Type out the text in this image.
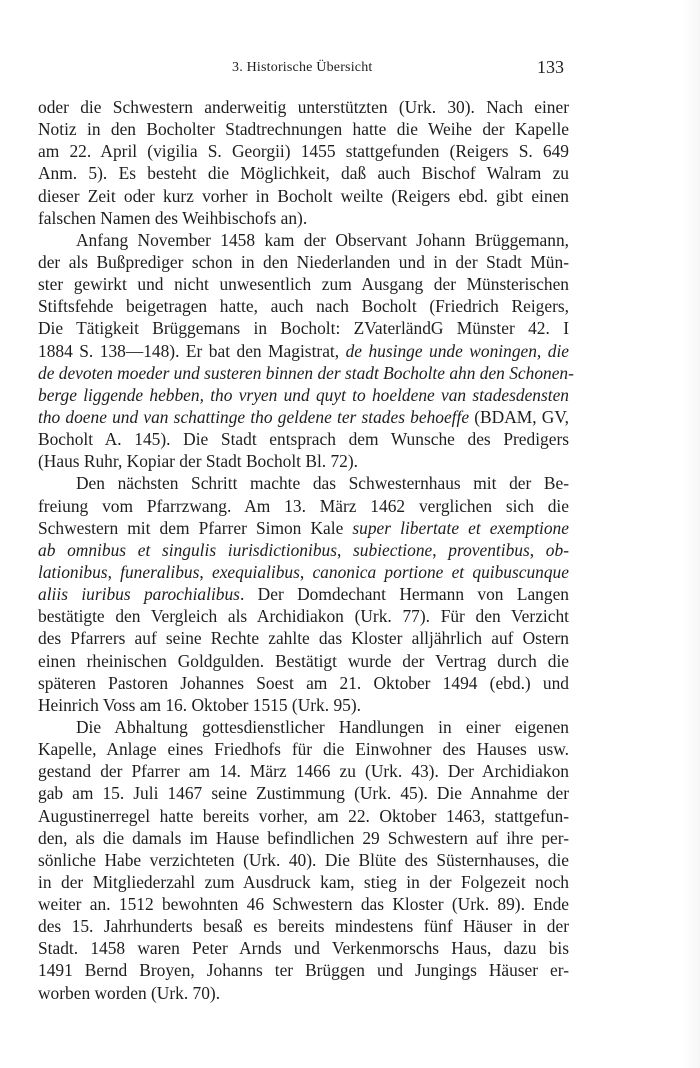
3. Historische Übersicht	133
oder die Schwestern anderweitig unterstützten (Urk. 30). Nach einer
Notiz in den Bocholter Stadtrechnungen hatte die Weihe der Kapelle
am 22. April (vigilia S. Georgii) 1455 stattgefunden (Reigers S. 649
Anm. 5). Es besteht die Möglichkeit, daß auch Bischof Walram zu
dieser Zeit oder kurz vorher in Bocholt weilte (Reigers ebd. gibt einen
falschen Namen des Weihbischofs an).
Anfang November 1458 kam der Observant Johann Brüggemann,
der als Bußprediger schon in den Niederlanden und in der Stadt Mün-
ster gewirkt und nicht unwesentlich zum Ausgang der Münsterischen
Stiftsfehde beigetragen hatte, auch nach Bocholt (Friedrich Reigers,
Die Tätigkeit Brüggemans in Bocholt: ZVaterländG Münster 42. I
1884 S. 138—148). Er bat den Magistrat, de husinge unde woningen, die
de devoten moeder und susteren binnen der stadt Bocholte ahn den Schonen-
berge liggende hebben, tho vryen und quyt to hoeldene van stadesdensten
tho doene und van schattinge tho geldene ter stades behoeffe (BDAM, GV,
Bocholt A. 145). Die Stadt entsprach dem Wunsche des Predigers
(Haus Ruhr, Kopiar der Stadt Bocholt Bl. 72).
Den nächsten Schritt machte das Schwesternhaus mit der Be-
freiung vom Pfarrzwang. Am 13. März 1462 verglichen sich die
Schwestern mit dem Pfarrer Simon Kale super libertate et exemptione
ab omnibus et singulis iurisdictionibus, subiectione, proventibus, ob-
lationibus, funeralibus, exequialibus, canonica portione et quibuscunque
aliis iuribus parochialibus. Der Domdechant Hermann von Langen
bestätigte den Vergleich als Archidiakon (Urk. 77). Für den Verzicht
des Pfarrers auf seine Rechte zahlte das Kloster alljährlich auf Ostern
einen rheinischen Goldgulden. Bestätigt wurde der Vertrag durch die
späteren Pastoren Johannes Soest am 21. Oktober 1494 (ebd.) und
Heinrich Voss am 16. Oktober 1515 (Urk. 95).
Die Abhaltung gottesdienstlicher Handlungen in einer eigenen
Kapelle, Anlage eines Friedhofs für die Einwohner des Hauses usw.
gestand der Pfarrer am 14. März 1466 zu (Urk. 43). Der Archidiakon
gab am 15. Juli 1467 seine Zustimmung (Urk. 45). Die Annahme der
Augustinerregel hatte bereits vorher, am 22. Oktober 1463, stattgefun-
den, als die damals im Hause befindlichen 29 Schwestern auf ihre per-
sönliche Habe verzichteten (Urk. 40). Die Blüte des Süsternhauses, die
in der Mitgliederzahl zum Ausdruck kam, stieg in der Folgezeit noch
weiter an. 1512 bewohnten 46 Schwestern das Kloster (Urk. 89). Ende
des 15. Jahrhunderts besaß es bereits mindestens fünf Häuser in der
Stadt. 1458 waren Peter Arnds und Verkenmorschs Haus, dazu bis
1491 Bernd Broyen, Johanns ter Brüggen und Jungings Häuser er-
worben worden (Urk. 70).
